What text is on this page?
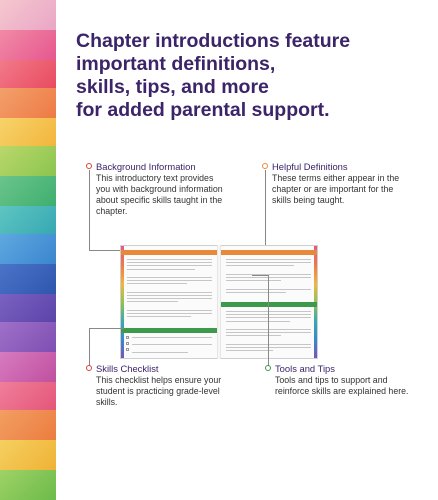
Chapter introductions feature
important definitions,
skills, tips, and more
for added parental support.
Background Information
This introductory text provides
you with background information
about specific skills taught in the
chapter.
Helpful Definitions
These terms either appear in the
chapter or are important for the
skills being taught.
Skills Checklist
This checklist helps ensure your
student is practicing grade-level
skills.
Tools and Tips
Tools and tips to support and
reinforce skills are explained here.
